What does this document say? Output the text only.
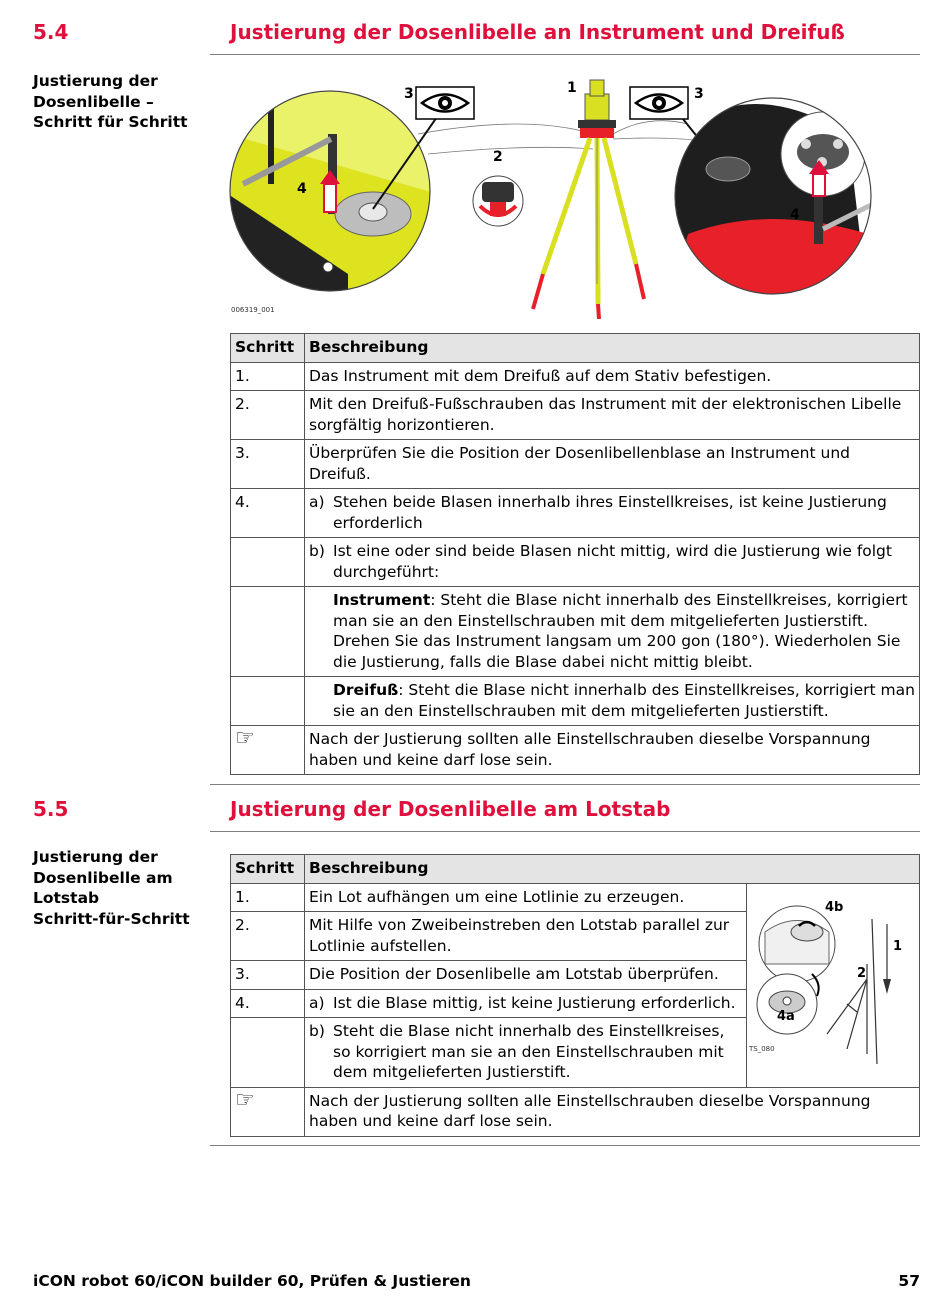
5.4	Justierung der Dosenlibelle an Instrument und Dreifuß
Justierung der
Dosenlibelle –
Schritt für Schritt
3	1	3
2
4
4
006319_001
Schritt	Beschreibung
1.	Das Instrument mit dem Dreifuß auf dem Stativ befestigen.
2.	Mit den Dreifuß-Fußschrauben das Instrument mit der elektronischen Libelle sorgfältig horizontieren.
3.	Überprüfen Sie die Position der Dosenlibellenblase an Instrument und Dreifuß.
4.	a) Stehen beide Blasen innerhalb ihres Einstellkreises, ist keine Justierung erforderlich

	b) Ist eine oder sind beide Blasen nicht mittig, wird die Justierung wie folgt durchgeführt:

	Instrument: Steht die Blase nicht innerhalb des Einstellkreises, korrigiert man sie an den Einstellschrauben mit dem mitgelieferten Justierstift. Drehen Sie das Instrument langsam um 200 gon (180°). Wiederholen Sie die Justierung, falls die Blase dabei nicht mittig bleibt.

	Dreifuß: Steht die Blase nicht innerhalb des Einstellkreises, korrigiert man sie an den Einstellschrauben mit dem mitgelieferten Justierstift.

☞	Nach der Justierung sollten alle Einstellschrauben dieselbe Vorspannung haben und keine darf lose sein.
5.5	Justierung der Dosenlibelle am Lotstab
Justierung der
Dosenlibelle am
Lotstab
Schritt-für-Schritt
Schritt	Beschreibung	
1.	Ein Lot aufhängen um eine Lotlinie zu erzeugen.	4b
1
2
4a
TS_080

2.	Mit Hilfe von Zweibeinstreben den Lotstab parallel zur Lotlinie aufstellen.	
3.	Die Position der Dosenlibelle am Lotstab überprüfen.	
4.	a) Ist die Blase mittig, ist keine Justierung erforderlich.	

	b) Steht die Blase nicht innerhalb des Einstellkreises, so korrigiert man sie an den Einstellschrauben mit dem mitgelieferten Justierstift.	

☞	Nach der Justierung sollten alle Einstellschrauben dieselbe Vorspannung haben und keine darf lose sein.	
iCON robot 60/iCON builder 60, Prüfen & Justieren	57
